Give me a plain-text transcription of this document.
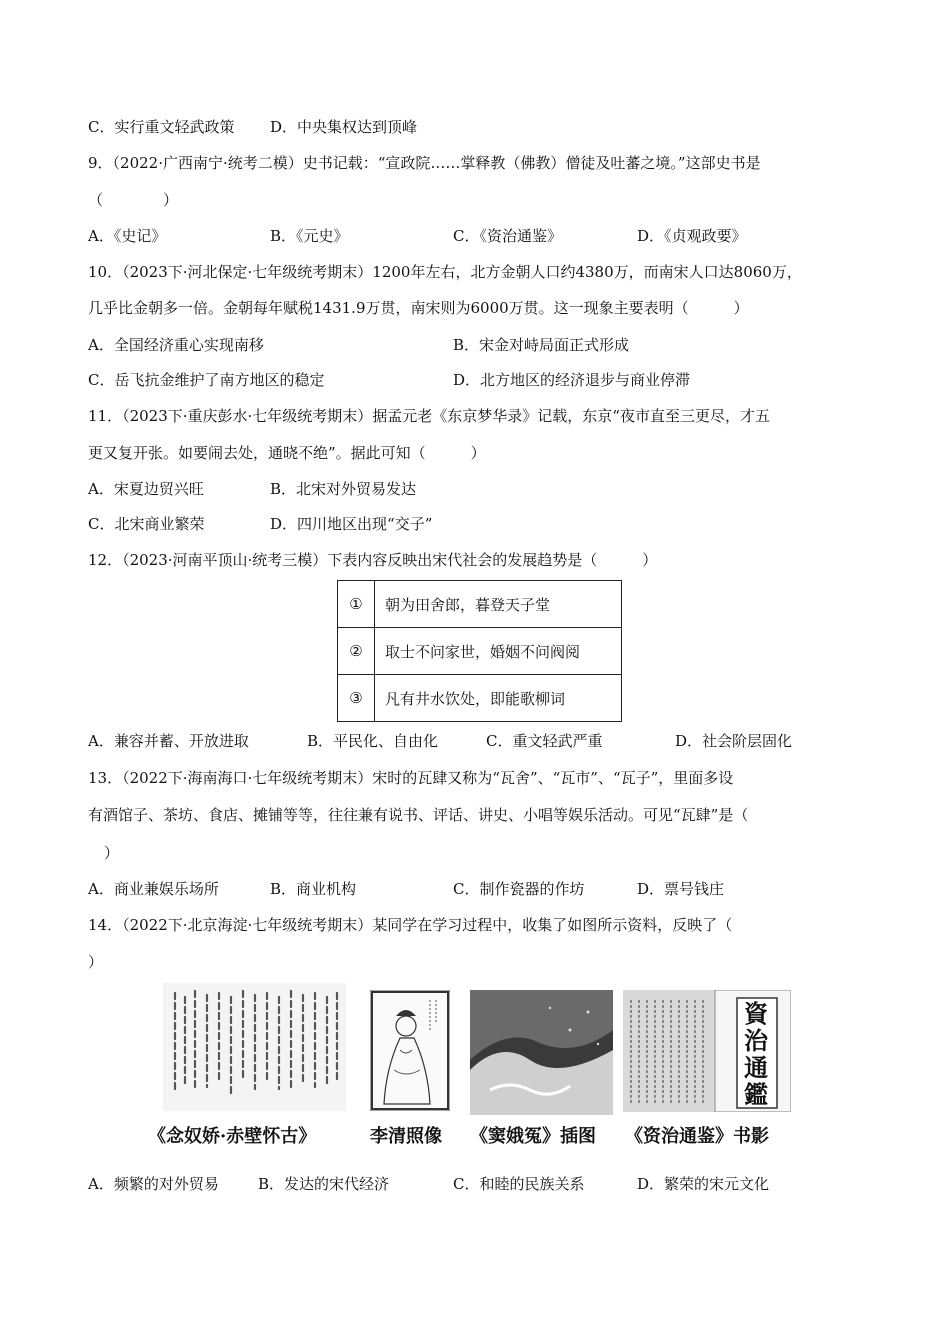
C．实行重文轻武政策 D．中央集权达到顶峰
9．（2022·广西南宁·统考二模）史书记载：“宣政院……掌释教（佛教）僧徒及吐蕃之境。”这部史书是
（　　　　）
A．《史记》	B．《元史》	C．《资治通鉴》	D．《贞观政要》
10．（2023下·河北保定·七年级统考期末）1200年左右，北方金朝人口约4380万，而南宋人口达8060万，
几乎比金朝多一倍。金朝每年赋税1431.9万贯，南宋则为6000万贯。这一现象主要表明（　　　）
A．全国经济重心实现南移	B．宋金对峙局面正式形成
C．岳飞抗金维护了南方地区的稳定	D．北方地区的经济退步与商业停滞
11．（2023下·重庆彭水·七年级统考期末）据孟元老《东京梦华录》记载，东京“夜市直至三更尽，才五
更又复开张。如要闹去处，通晓不绝”。据此可知（　　　）
A．宋夏边贸兴旺	B．北宋对外贸易发达
C．北宋商业繁荣	D．四川地区出现“交子”
12．（2023·河南平顶山·统考三模）下表内容反映出宋代社会的发展趋势是（　　　）
①	朝为田舍郎，暮登天子堂
②	取士不问家世，婚姻不问阀阅
③	凡有井水饮处，即能歌柳词
A．兼容并蓄、开放进取	B．平民化、自由化	C．重文轻武严重	D．社会阶层固化
13．（2022下·海南海口·七年级统考期末）宋时的瓦肆又称为“瓦舍”、“瓦市”、“瓦子”，里面多设
有酒馆子、茶坊、食店、摊铺等等，往往兼有说书、评话、讲史、小唱等娱乐活动。可见“瓦肆”是（
）
A．商业兼娱乐场所	B．商业机构	C．制作瓷器的作坊	D．票号钱庄
14．（2022下·北京海淀·七年级统考期末）某同学在学习过程中，收集了如图所示资料，反映了（
）
資治通鑑
《念奴娇·赤壁怀古》	李清照像 《窦娥冤》插图 《资治通鉴》书影
A．频繁的对外贸易	B．发达的宋代经济	C．和睦的民族关系	D．繁荣的宋元文化
